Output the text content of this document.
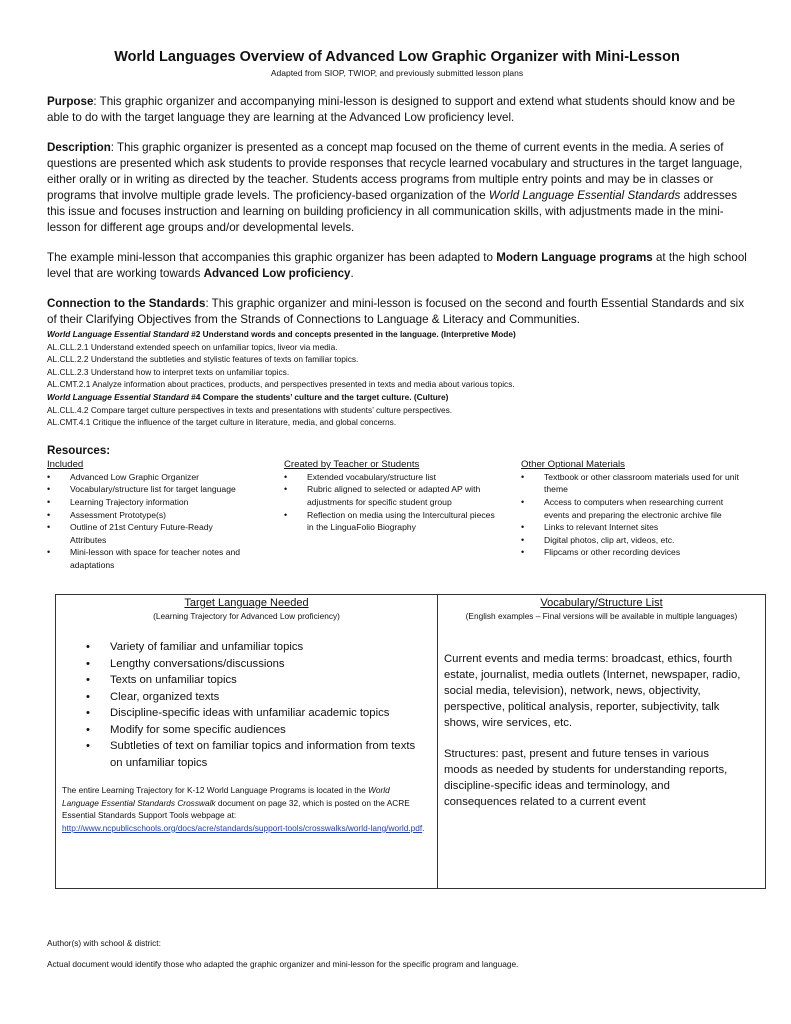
World Languages Overview of Advanced Low Graphic Organizer with Mini-Lesson

Adapted from SIOP, TWIOP, and previously submitted lesson plans

Purpose: This graphic organizer and accompanying mini-lesson is designed to support and extend what students should know and be able to do with the target language they are learning at the Advanced Low proficiency level.

Description: This graphic organizer is presented as a concept map focused on the theme of current events in the media. A series of questions are presented which ask students to provide responses that recycle learned vocabulary and structures in the target language, either orally or in writing as directed by the teacher. Students access programs from multiple entry points and may be in classes or programs that involve multiple grade levels. The proficiency-based organization of the World Language Essential Standards addresses this issue and focuses instruction and learning on building proficiency in all communication skills, with adjustments made in the mini-lesson for different age groups and/or developmental levels.

The example mini-lesson that accompanies this graphic organizer has been adapted to Modern Language programs at the high school level that are working towards Advanced Low proficiency.

Connection to the Standards: This graphic organizer and mini-lesson is focused on the second and fourth Essential Standards and six of their Clarifying Objectives from the Strands of Connections to Language & Literacy and Communities.

World Language Essential Standard #2 Understand words and concepts presented in the language. (Interpretive Mode)

AL.CLL.2.1 Understand extended speech on unfamiliar topics, liveor via media.

AL.CLL.2.2 Understand the subtleties and stylistic features of texts on familiar topics.

AL.CLL.2.3 Understand how to interpret texts on unfamiliar topics.

AL.CMT.2.1 Analyze information about practices, products, and perspectives presented in texts and media about various topics.

World Language Essential Standard #4 Compare the students’ culture and the target culture. (Culture)

AL.CLL.4.2 Compare target culture perspectives in texts and presentations with students’ culture perspectives.

AL.CMT.4.1 Critique the influence of the target culture in literature, media, and global concerns.

Resources:

Included

• Advanced Low Graphic Organizer
• Vocabulary/structure list for target language
• Learning Trajectory information
• Assessment Prototype(s)
• Outline of 21st Century Future-Ready Attributes
• Mini-lesson with space for teacher notes and adaptations

Created by Teacher or Students

• Extended vocabulary/structure list
• Rubric aligned to selected or adapted AP with adjustments for specific student group
• Reflection on media using the Intercultural pieces in the LinguaFolio Biography

Other Optional Materials

• Textbook or other classroom materials used for unit theme
• Access to computers when researching current events and preparing the electronic archive file
• Links to relevant Internet sites
• Digital photos, clip art, videos, etc.
• Flipcams or other recording devices

Target Language Needed

(Learning Trajectory for Advanced Low proficiency)

• Variety of familiar and unfamiliar topics
• Lengthy conversations/discussions
• Texts on unfamiliar topics
• Clear, organized texts
• Discipline-specific ideas with unfamiliar academic topics
• Modify for some specific audiences
• Subtleties of text on familiar topics and information from texts on unfamiliar topics

The entire Learning Trajectory for K-12 World Language Programs is located in the World Language Essential Standards Crosswalk document on page 32, which is posted on the ACRE Essential Standards Support Tools webpage at:
http://www.ncpublicschools.org/docs/acre/standards/support-tools/crosswalks/world-lang/world.pdf.

Vocabulary/Structure List

(English examples – Final versions will be available in multiple languages)

Current events and media terms: broadcast, ethics, fourth estate, journalist, media outlets (Internet, newspaper, radio, social media, television), network, news, objectivity, perspective, political analysis, reporter, subjectivity, talk shows, wire services, etc.

Structures: past, present and future tenses in various moods as needed by students for understanding reports, discipline-specific ideas and terminology, and consequences related to a current event

Author(s) with school & district:

Actual document would identify those who adapted the graphic organizer and mini-lesson for the specific program and language.
